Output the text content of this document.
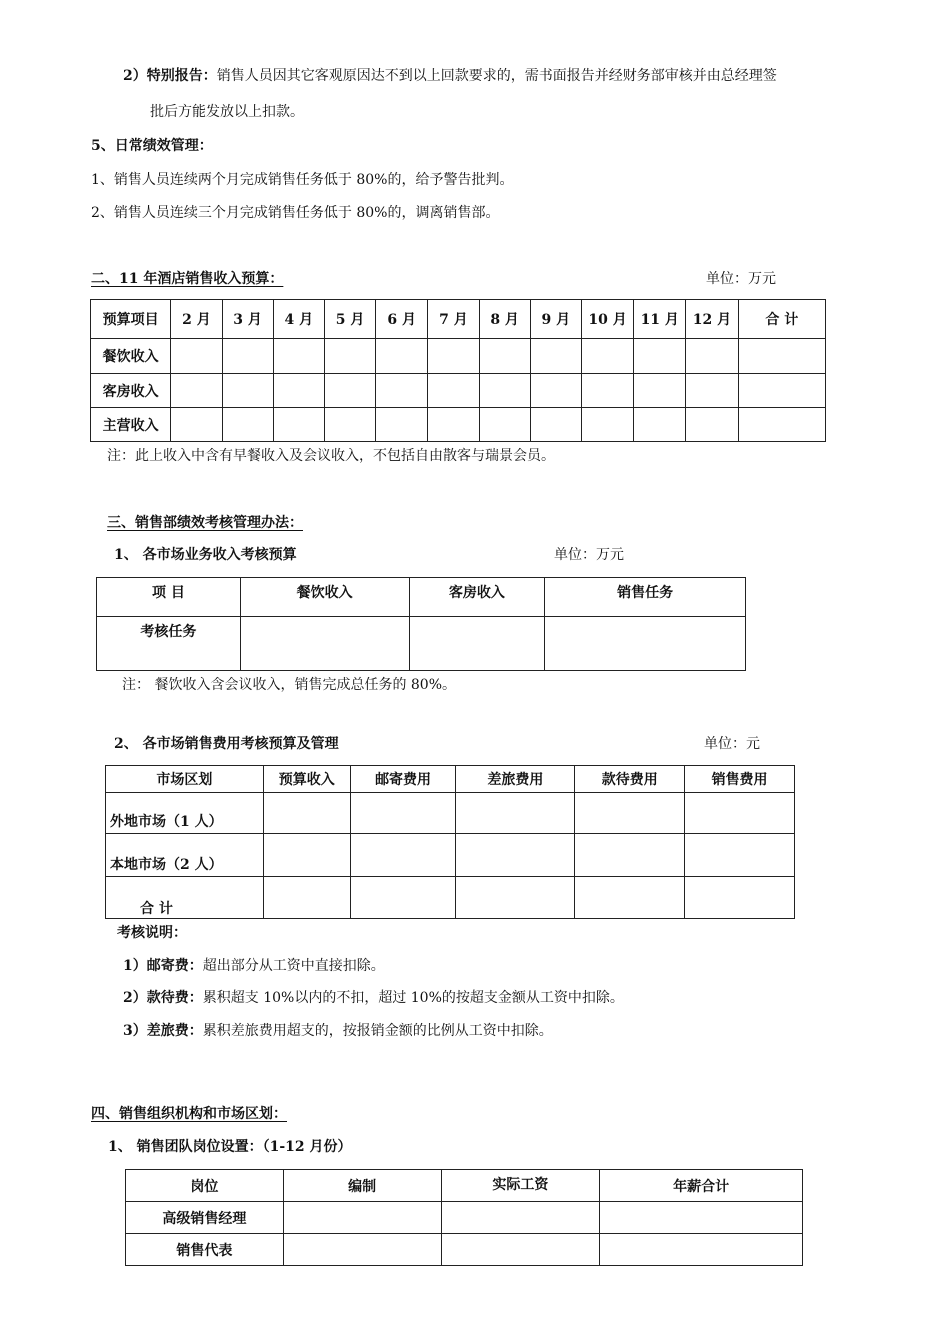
2）特别报告：销售人员因其它客观原因达不到以上回款要求的，需书面报告并经财务部审核并由总经理签
批后方能发放以上扣款。
5、日常绩效管理：
1、销售人员连续两个月完成销售任务低于 80%的，给予警告批判。
2、销售人员连续三个月完成销售任务低于 80%的，调离销售部。
二、11 年酒店销售收入预算：	单位：万元
预算项目	2 月	3 月	4 月	5 月	6 月	7 月	8 月	9 月	10 月	11 月	12 月	合 计
餐饮收入												
客房收入												
主营收入												
注：此上收入中含有早餐收入及会议收入，不包括自由散客与瑞景会员。
三、销售部绩效考核管理办法：
1、 各市场业务收入考核预算	单位：万元
项 目	餐饮收入	客房收入	销售任务
考核任务			
注： 餐饮收入含会议收入，销售完成总任务的 80%。
2、 各市场销售费用考核预算及管理	单位：元
市场区划	预算收入	邮寄费用	差旅费用	款待费用	销售费用
外地市场（1 人）					
本地市场（2 人）					
合 计					
考核说明：
1）邮寄费：超出部分从工资中直接扣除。
2）款待费：累积超支 10%以内的不扣，超过 10%的按超支金额从工资中扣除。
3）差旅费：累积差旅费用超支的，按报销金额的比例从工资中扣除。
四、销售组织机构和市场区划：
1、 销售团队岗位设置：（1-12 月份）
岗位	编制	实际工资	年薪合计
高级销售经理			
销售代表			
